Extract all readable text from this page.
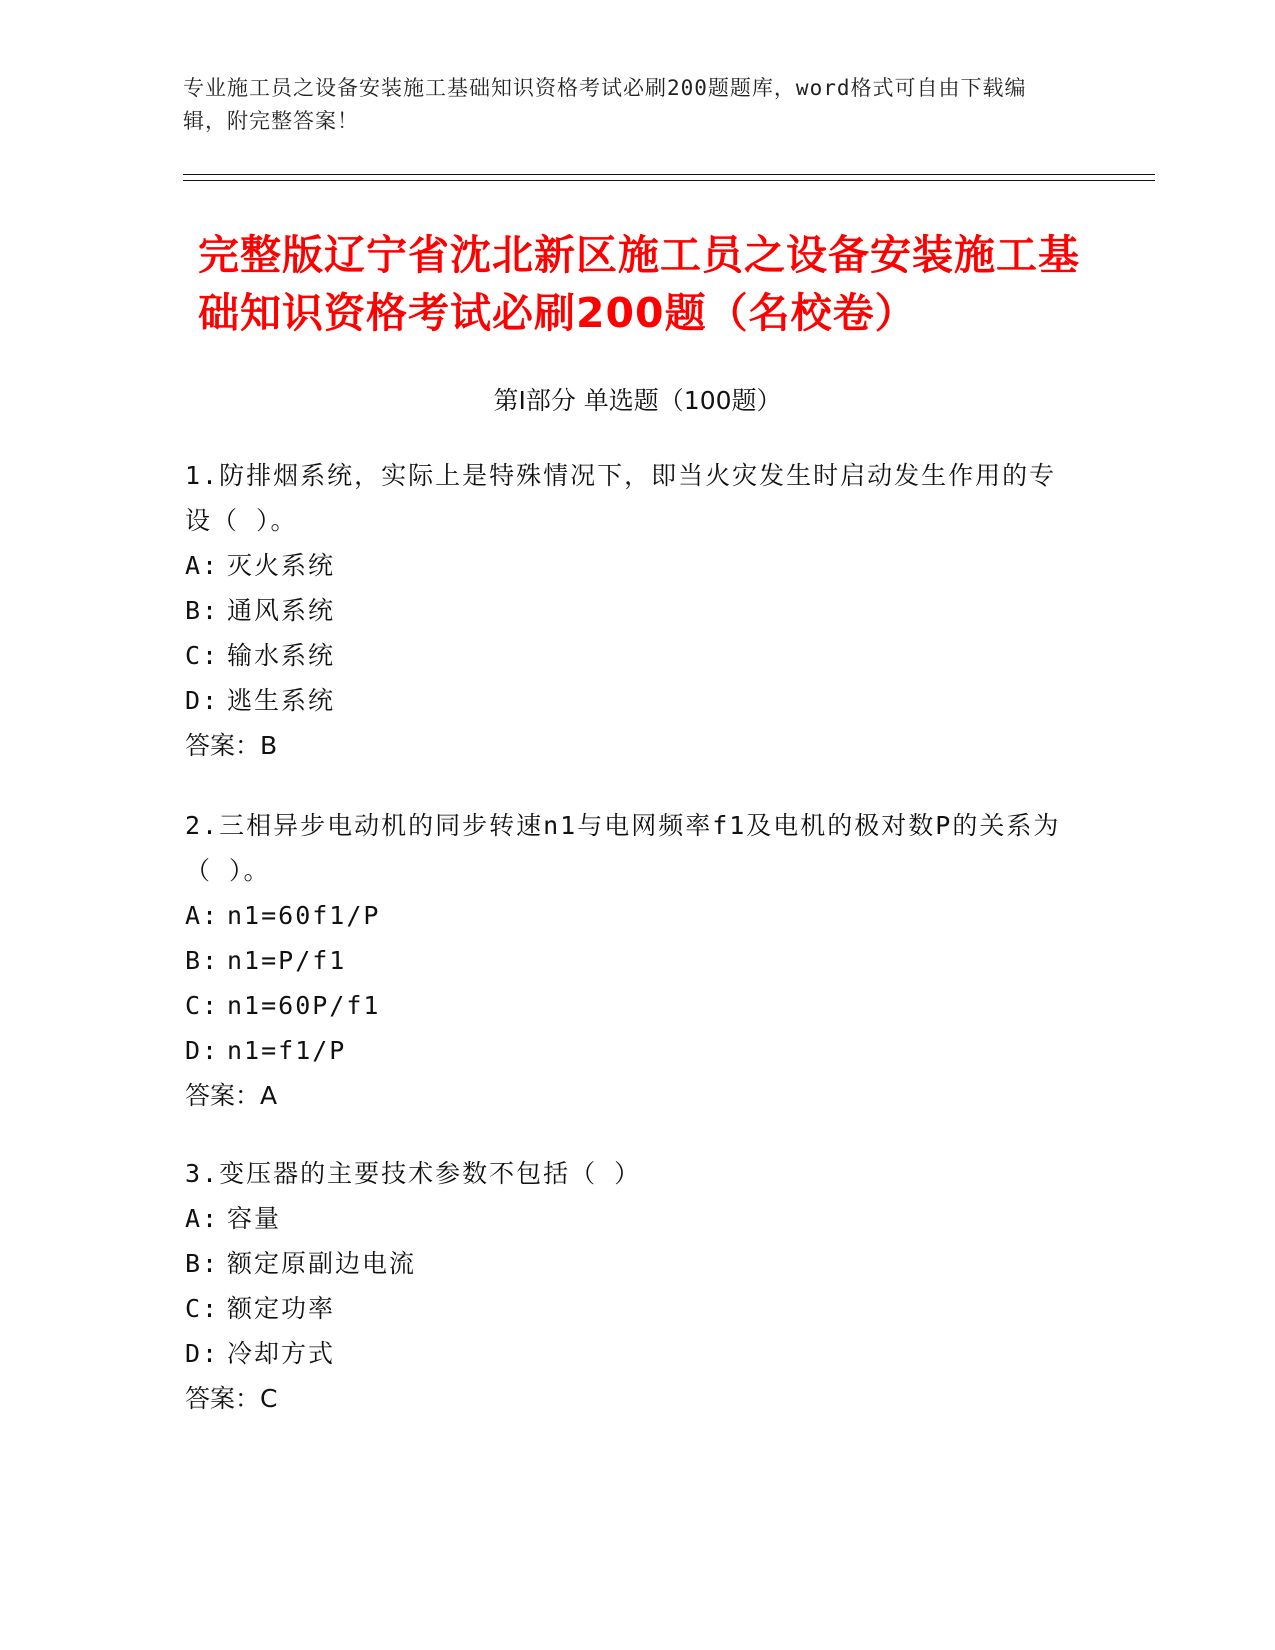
专业施工员之设备安装施工基础知识资格考试必刷200题题库，word格式可自由下载编辑，附完整答案！
完整版辽宁省沈北新区施工员之设备安装施工基础知识资格考试必刷200题（名校卷）
第Ⅰ部分 单选题（100题）
1.防排烟系统，实际上是特殊情况下，即当火灾发生时启动发生作用的专设（ ）。
A: 灭火系统
B: 通风系统
C: 输水系统
D: 逃生系统
答案：B
2.三相异步电动机的同步转速n1与电网频率f1及电机的极对数P的关系为（ ）。
A: n1=60f1/P
B: n1=P/f1
C: n1=60P/f1
D: n1=f1/P
答案：A
3.变压器的主要技术参数不包括（ ）
A: 容量
B: 额定原副边电流
C: 额定功率
D: 冷却方式
答案：C
